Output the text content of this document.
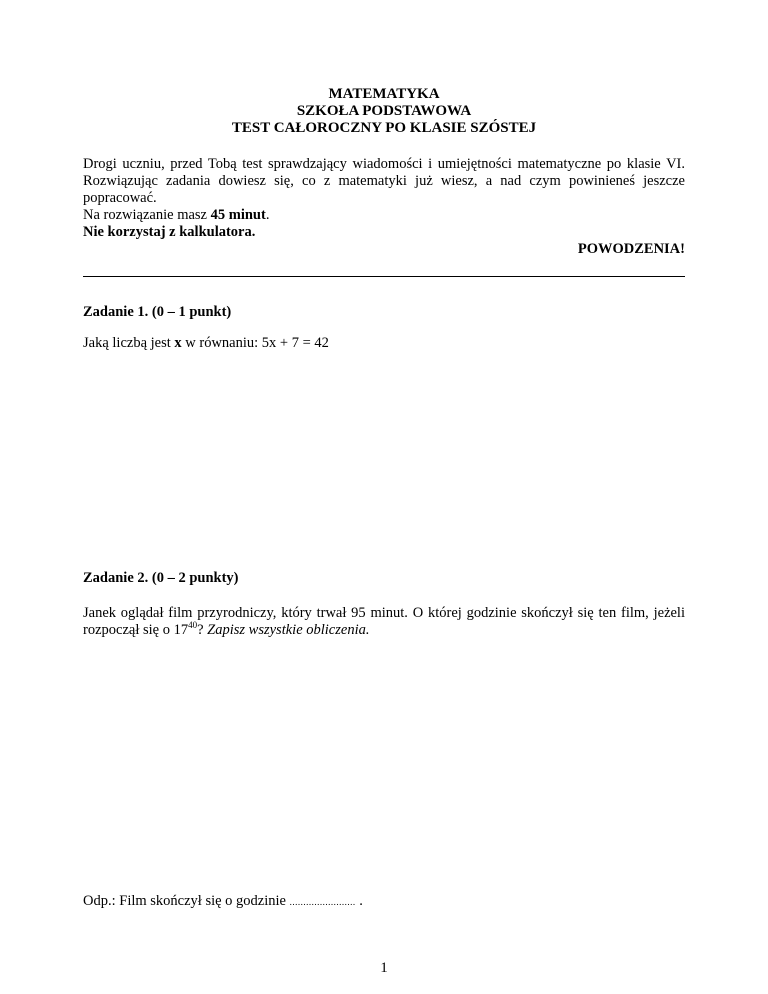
MATEMATYKA
SZKOŁA PODSTAWOWA
TEST CAŁOROCZNY PO KLASIE SZÓSTEJ

Drogi uczniu, przed Tobą test sprawdzający wiadomości i umiejętności matematyczne po klasie VI. Rozwiązując zadania dowiesz się, co z matematyki już wiesz, a nad czym powinieneś jeszcze popracować.

Na rozwiązanie masz 45 minut.
Nie korzystaj z kalkulatora.
POWODZENIA!
Zadanie 1. (0 – 1 punkt)
Jaką liczbą jest x w równaniu: 5x + 7 = 42
Zadanie 2. (0 – 2 punkty)
Janek oglądał film przyrodniczy, który trwał 95 minut. O której godzinie skończył się ten film, jeżeli rozpoczął się o $17^{40}$? Zapisz wszystkie obliczenia.
Odp.: Film skończył się o godzinie ........................ .
1
